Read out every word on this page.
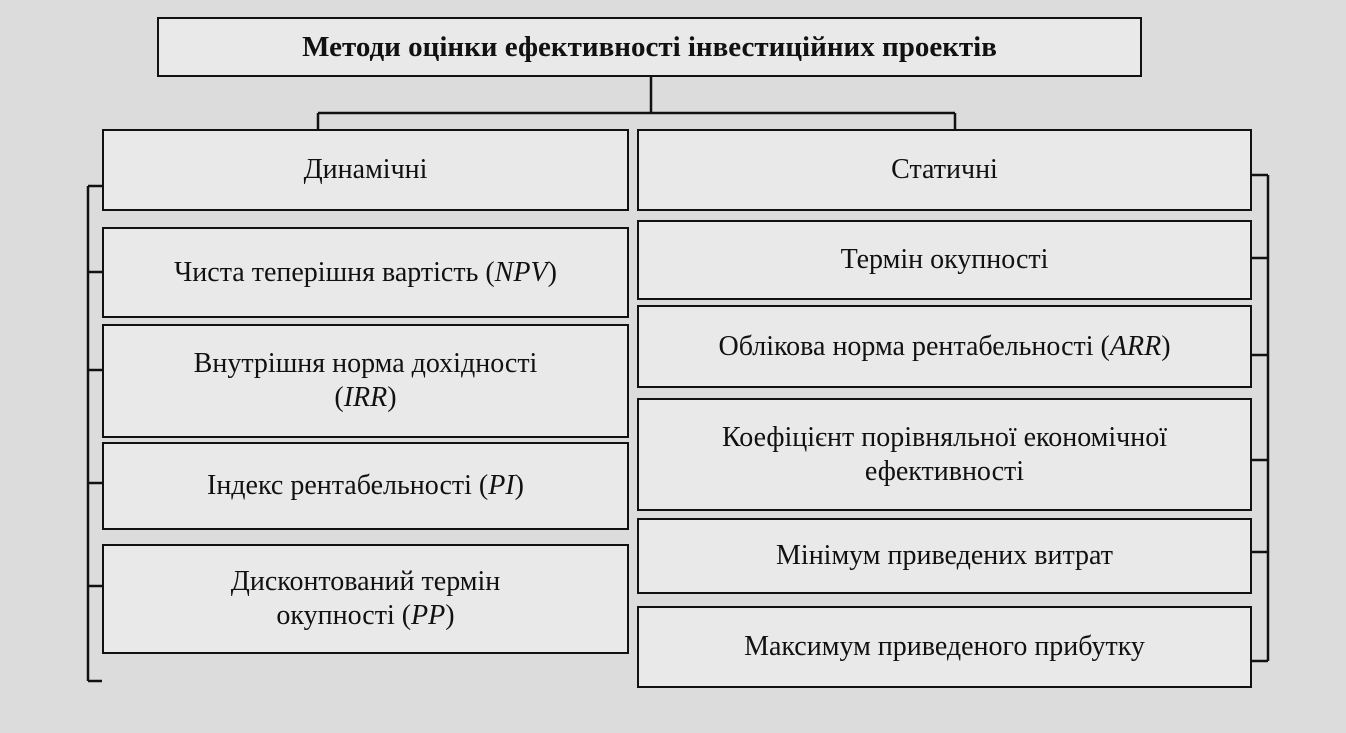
Методи оцінки ефективності інвестиційних проектів
Динамічні
Чиста теперішня вартість (NPV)
Внутрішня норма дохідності
(IRR)
Індекс рентабельності (PI)
Дисконтований термін
окупності (PP)
Статичні
Термін окупності
Облікова норма рентабельності (ARR)
Коефіцієнт порівняльної економічної
ефективності
Мінімум приведених витрат
Максимум приведеного прибутку
